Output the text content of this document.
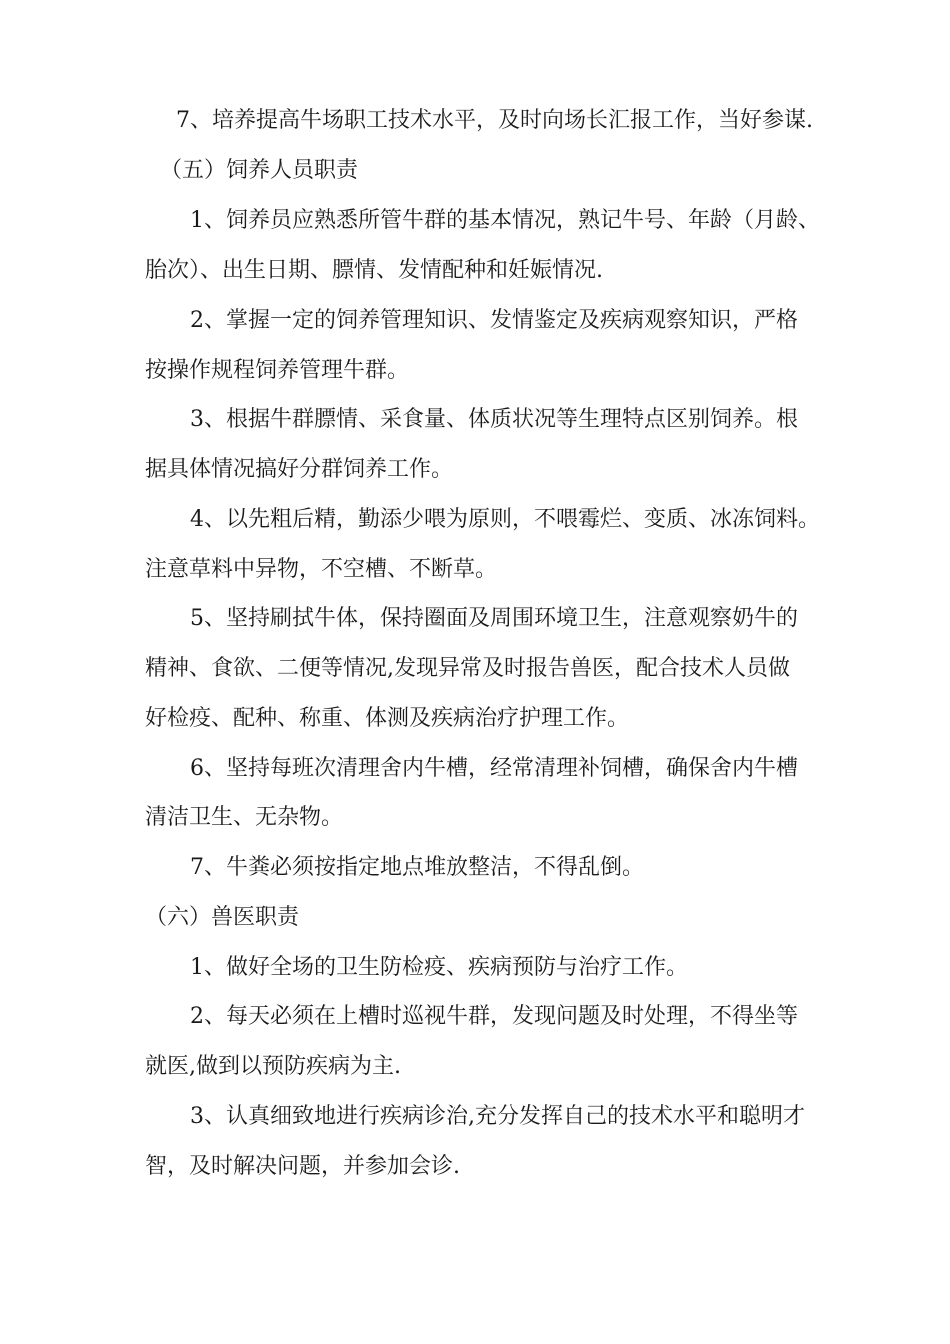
7、培养提高牛场职工技术水平，及时向场长汇报工作，当好参谋.
（五）饲养人员职责
1、饲养员应熟悉所管牛群的基本情况，熟记牛号、年龄（月龄、
胎次）、出生日期、膘情、发情配种和妊娠情况.
2、掌握一定的饲养管理知识、发情鉴定及疾病观察知识，严格
按操作规程饲养管理牛群。
3、根据牛群膘情、采食量、体质状况等生理特点区别饲养。根
据具体情况搞好分群饲养工作。
4、以先粗后精，勤添少喂为原则，不喂霉烂、变质、冰冻饲料。
注意草料中异物，不空槽、不断草。
5、坚持刷拭牛体，保持圈面及周围环境卫生，注意观察奶牛的
精神、食欲、二便等情况,发现异常及时报告兽医，配合技术人员做
好检疫、配种、称重、体测及疾病治疗护理工作。
6、坚持每班次清理舍内牛槽，经常清理补饲槽，确保舍内牛槽
清洁卫生、无杂物。
7、牛粪必须按指定地点堆放整洁，不得乱倒。
（六）兽医职责
1、做好全场的卫生防检疫、疾病预防与治疗工作。
2、每天必须在上槽时巡视牛群，发现问题及时处理，不得坐等
就医,做到以预防疾病为主.
3、认真细致地进行疾病诊治,充分发挥自己的技术水平和聪明才
智，及时解决问题，并参加会诊.
